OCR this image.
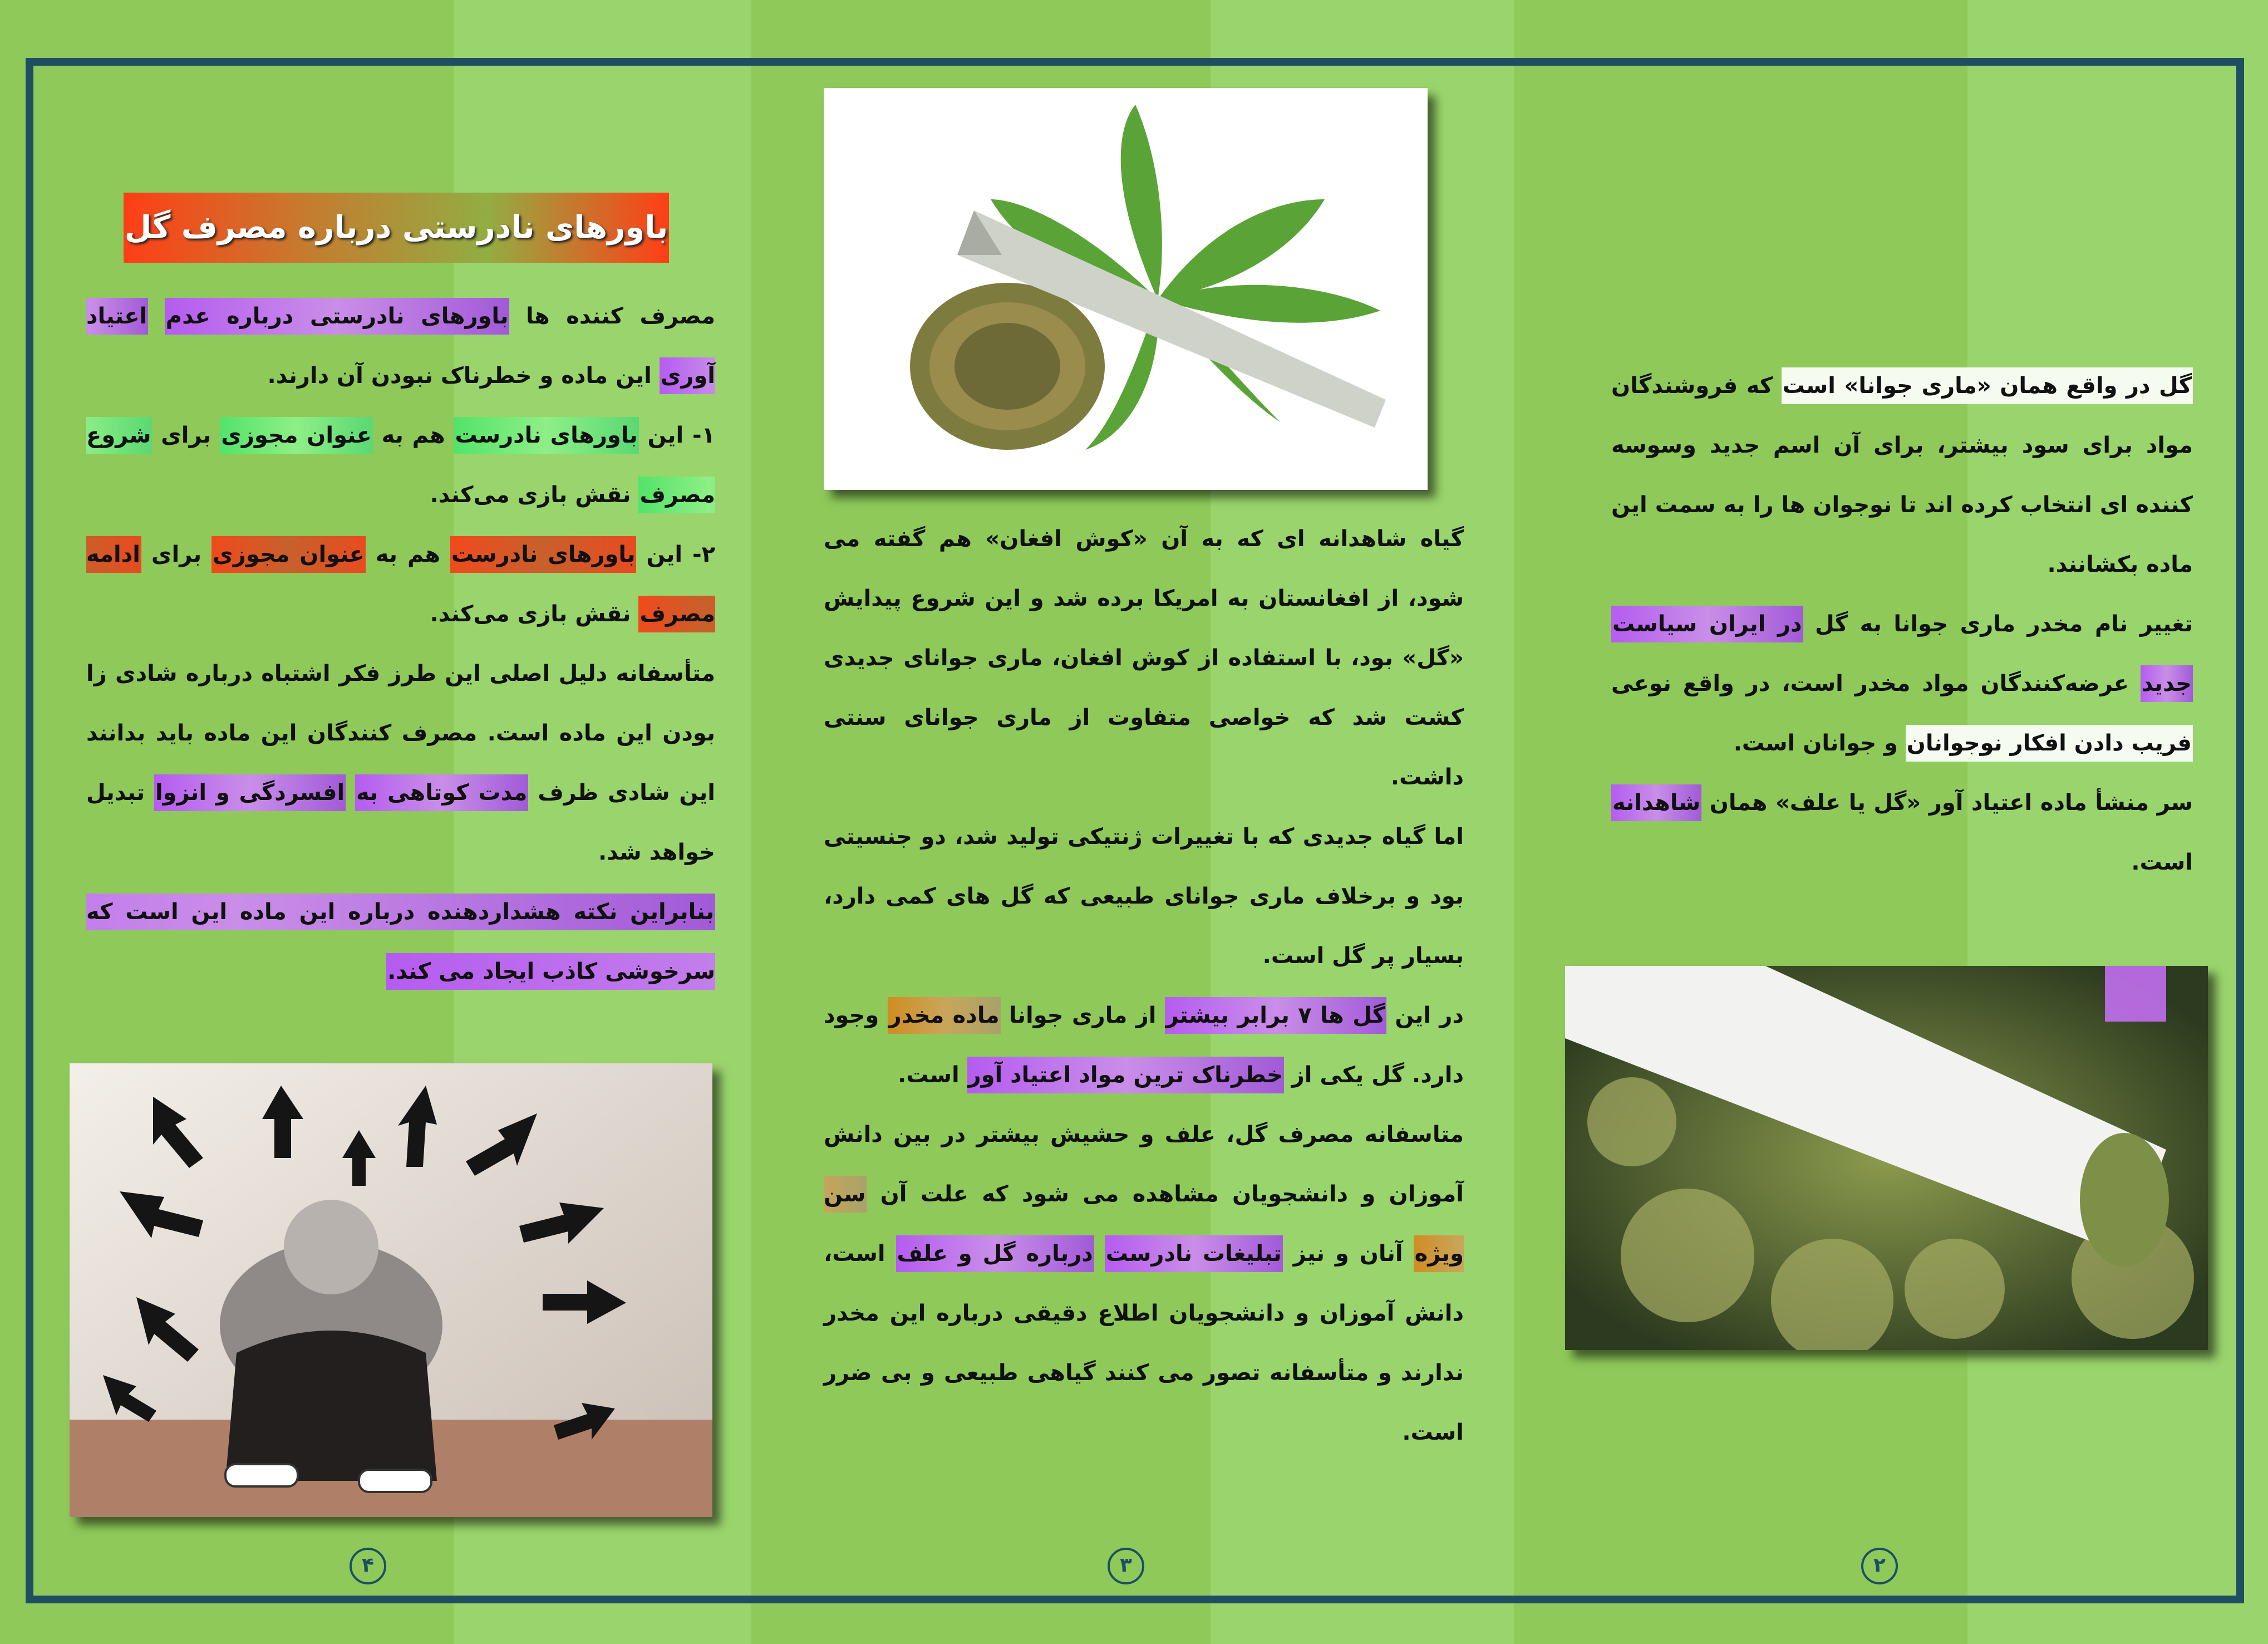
باورهای نادرستی درباره مصرف گل

مصرف کننده ها باورهای نادرستی درباره عدم اعتیاد آوری این ماده و خطرناک نبودن آن دارند.

۱- این باورهای نادرست هم به عنوان مجوزی برای شروع مصرف نقش بازی می‌کند.

۲- این باورهای نادرست هم به عنوان مجوزی برای ادامه مصرف نقش بازی می‌کند.

متأسفانه دلیل اصلی این طرز فکر اشتباه درباره شادی زا بودن این ماده است. مصرف کنندگان این ماده باید بدانند این شادی ظرف مدت کوتاهی به افسردگی و انزوا تبدیل خواهد شد.

بنابراین نکته هشداردهنده درباره این ماده این است که سرخوشی کاذب ایجاد می کند.

۴

گیاه شاهدانه ای که به آن «کوش افغان» هم گفته می شود، از افغانستان به امریکا برده شد و این شروع پیدایش «گل» بود، با استفاده از کوش افغان، ماری جوانای جدیدی کشت شد که خواصی متفاوت از ماری جوانای سنتی داشت.

اما گیاه جدیدی که با تغییرات ژنتیکی تولید شد، دو جنسیتی بود و برخلاف ماری جوانای طبیعی که گل های کمی دارد، بسیار پر گل است.

در این گل ها ۷ برابر بیشتر از ماری جوانا ماده مخدر وجود دارد. گل یکی از خطرناک ترین مواد اعتیاد آور است.

متاسفانه مصرف گل، علف و حشیش بیشتر در بین دانش آموزان و دانشجویان مشاهده می شود که علت آن سن ویژه آنان و نیز تبلیغات نادرست درباره گل و علف است، دانش آموزان و دانشجویان اطلاع دقیقی درباره این مخدر ندارند و متأسفانه تصور می کنند گیاهی طبیعی و بی ضرر است.

۳

گل در واقع همان «ماری جوانا» است که فروشندگان مواد برای سود بیشتر، برای آن اسم جدید وسوسه کننده ای انتخاب کرده اند تا نوجوان ها را به سمت این ماده بکشانند.

تغییر نام مخدر ماری جوانا به گل در ایران سیاست جدید عرضه‌کنندگان مواد مخدر است، در واقع نوعی فریب دادن افکار نوجوانان و جوانان است.

سر منشأ ماده اعتیاد آور «گل یا علف» همان شاهدانه است.

۲
